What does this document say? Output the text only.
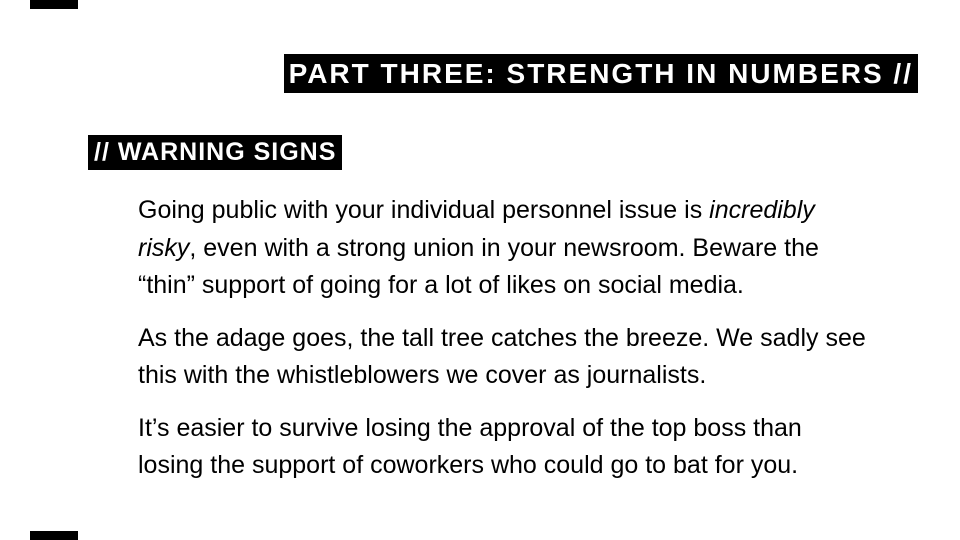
PART THREE: STRENGTH IN NUMBERS //
// WARNING SIGNS
Going public with your individual personnel issue is incredibly
risky, even with a strong union in your newsroom. Beware the
“thin” support of going for a lot of likes on social media.
As the adage goes, the tall tree catches the breeze. We sadly see
this with the whistleblowers we cover as journalists.
It’s easier to survive losing the approval of the top boss than
losing the support of coworkers who could go to bat for you.
